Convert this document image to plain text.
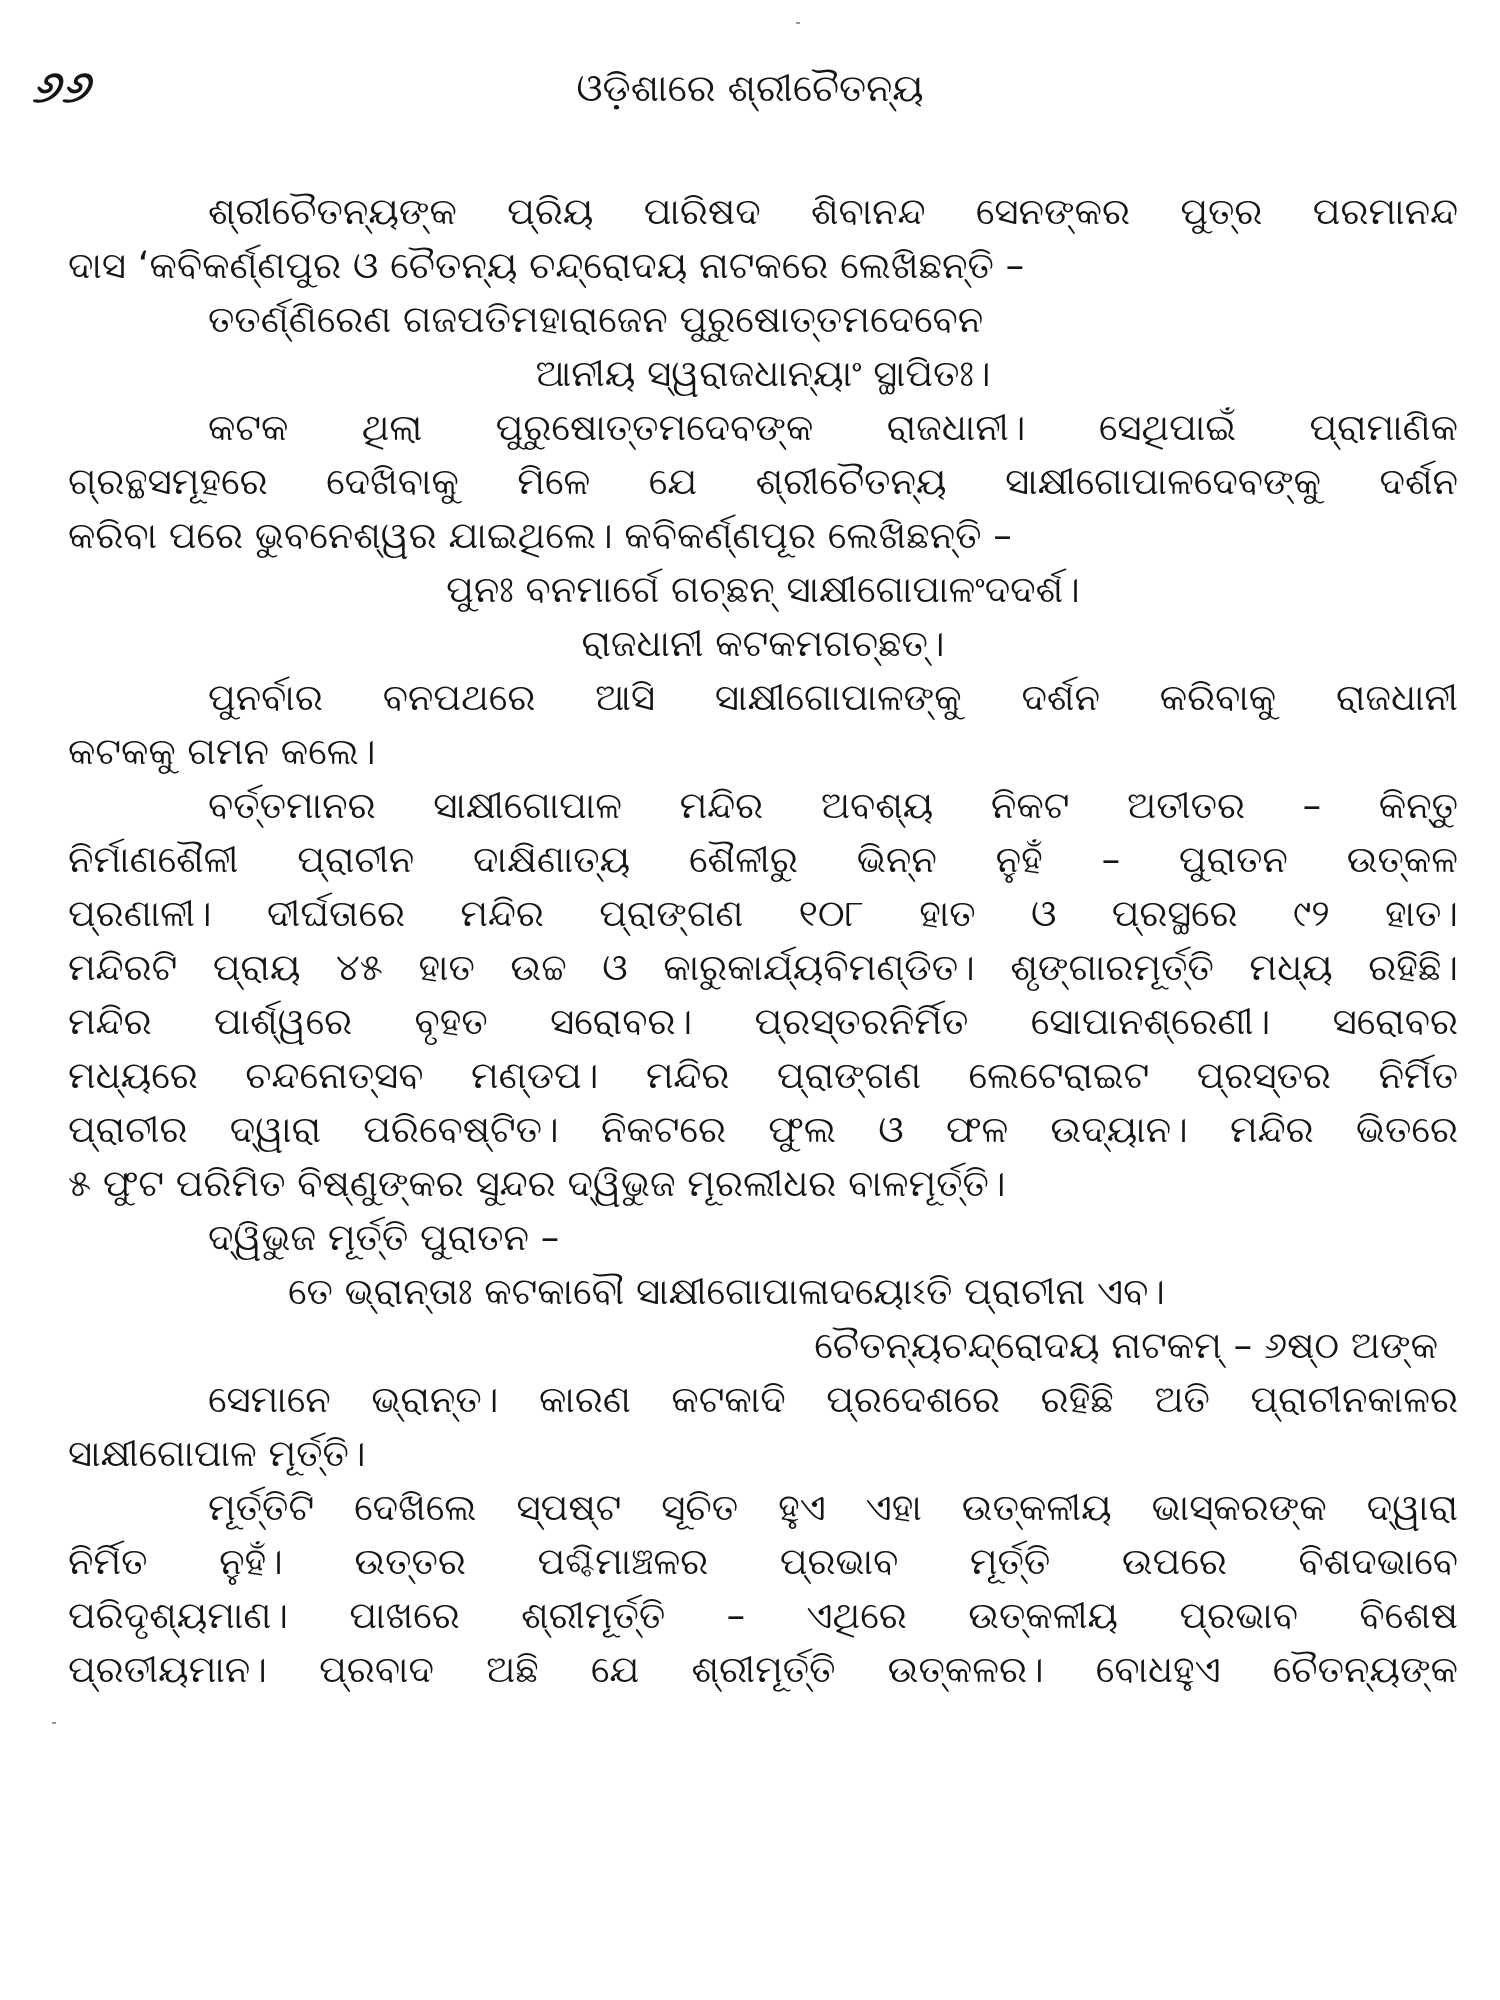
୬୬	ଓଡ଼ିଶାରେ ଶ୍ରୀଚୈତନ୍ୟ
ଶ୍ରୀଚୈତନ୍ୟଙ୍କ ପ୍ରିୟ ପାରିଷଦ ଶିବାନନ୍ଦ ସେନଙ୍କର ପୁତ୍ର ପରମାନନ୍ଦ
ଦାସ ‘କବିକର୍ଣ୍ଣପୁର ଓ ଚୈତନ୍ୟ ଚନ୍ଦ୍ରୋଦୟ ନାଟକରେ ଲେଖିଛନ୍ତି –
ତତର୍ଣ୍ଣିରେଣ ଗଜପତିମହାରାଜେନ ପୁରୁଷୋତ୍ତମଦେବେନ
ଆନୀୟ ସ୍ୱରାଜଧାନ୍ୟାଂ ସ୍ଥାପିତଃ।
କଟକ ଥିଲା ପୁରୁଷୋତ୍ତମଦେବଙ୍କ ରାଜଧାନୀ। ସେଥିପାଇଁ ପ୍ରାମାଣିକ
ଗ୍ରନ୍ଥସମୂହରେ ଦେଖିବାକୁ ମିଳେ ଯେ ଶ୍ରୀଚୈତନ୍ୟ ସାକ୍ଷୀଗୋପାଳଦେବଙ୍କୁ ଦର୍ଶନ
କରିବା ପରେ ଭୁବନେଶ୍ୱର ଯାଇଥିଲେ। କବିକର୍ଣ୍ଣପୂର ଲେଖିଛନ୍ତି –
ପୁନଃ ବନମାର୍ଗେ ଗଚ୍ଛନ୍ ସାକ୍ଷୀଗୋପାଳଂଦଦର୍ଶ।
ରାଜଧାନୀ କଟକମଗଚ୍ଛତ୍।
ପୁନର୍ବାର ବନପଥରେ ଆସି ସାକ୍ଷୀଗୋପାଳଙ୍କୁ ଦର୍ଶନ କରିବାକୁ ରାଜଧାନୀ
କଟକକୁ ଗମନ କଲେ।
ବର୍ତ୍ତମାନର ସାକ୍ଷୀଗୋପାଳ ମନ୍ଦିର ଅବଶ୍ୟ ନିକଟ ଅତୀତର – କିନ୍ତୁ
ନିର୍ମାଣଶୈଳୀ ପ୍ରାଚୀନ ଦାକ୍ଷିଣାତ୍ୟ ଶୈଳୀରୁ ଭିନ୍ନ ନୁହଁ – ପୁରାତନ ଉତ୍କଳ
ପ୍ରଣାଳୀ। ଦୀର୍ଘତାରେ ମନ୍ଦିର ପ୍ରାଙ୍ଗଣ ୧୦୮ ହାତ ଓ ପ୍ରସ୍ଥରେ ୯୨ ହାତ।
ମନ୍ଦିରଟି ପ୍ରାୟ ୪୫ ହାତ ଉଚ୍ଚ ଓ କାରୁକାର୍ଯ୍ୟବିମଣ୍ଡିତ। ଶୃଙ୍ଗାରମୂର୍ତ୍ତି ମଧ୍ୟ ରହିଛି।
ମନ୍ଦିର ପାର୍ଶ୍ୱରେ ବୃହତ ସରୋବର। ପ୍ରସ୍ତରନିର୍ମିତ ସୋପାନଶ୍ରେଣୀ। ସରୋବର
ମଧ୍ୟରେ ଚନ୍ଦନୋତ୍ସବ ମଣ୍ଡପ। ମନ୍ଦିର ପ୍ରାଙ୍ଗଣ ଲେଟେରାଇଟ ପ୍ରସ୍ତର ନିର୍ମିତ
ପ୍ରାଚୀର ଦ୍ୱାରା ପରିବେଷ୍ଟିତ। ନିକଟରେ ଫୁଲ ଓ ଫଳ ଉଦ୍ୟାନ। ମନ୍ଦିର ଭିତରେ
୫ ଫୁଟ ପରିମିତ ବିଷ୍ଣୁଙ୍କର ସୁନ୍ଦର ଦ୍ୱିଭୁଜ ମୂରଲୀଧର ବାଳମୂର୍ତ୍ତି।
ଦ୍ୱିଭୁଜ ମୂର୍ତ୍ତି ପୁରାତନ –
ତେ ଭ୍ରାନ୍ତାଃ କଟକାବୌ ସାକ୍ଷୀଗୋପାଳାଦୟୋଽତି ପ୍ରାଚୀନା ଏବ।
ଚୈତନ୍ୟଚନ୍ଦ୍ରୋଦୟ ନାଟକମ୍ – ୬ଷ୍ଠ ଅଙ୍କ
ସେମାନେ ଭ୍ରାନ୍ତ। କାରଣ କଟକାଦି ପ୍ରଦେଶରେ ରହିଛି ଅତି ପ୍ରାଚୀନକାଳର
ସାକ୍ଷୀଗୋପାଳ ମୂର୍ତ୍ତି।
ମୂର୍ତ୍ତିଟି ଦେଖିଲେ ସ୍ପଷ୍ଟ ସୂଚିତ ହୁଏ ଏହା ଉତ୍କଳୀୟ ଭାସ୍କରଙ୍କ ଦ୍ୱାରା
ନିର୍ମିତ ନୁହଁ। ଉତ୍ତର ପଶ୍ଚିମାଞ୍ଚଳର ପ୍ରଭାବ ମୂର୍ତ୍ତି ଉପରେ ବିଶଦଭାବେ
ପରିଦୃଶ୍ୟମାଣ। ପାଖରେ ଶ୍ରୀମୂର୍ତ୍ତି – ଏଥିରେ ଉତ୍କଳୀୟ ପ୍ରଭାବ ବିଶେଷ
ପ୍ରତୀୟମାନ। ପ୍ରବାଦ ଅଛି ଯେ ଶ୍ରୀମୂର୍ତ୍ତି ଉତ୍କଳର। ବୋଧହୁଏ ଚୈତନ୍ୟଙ୍କ
